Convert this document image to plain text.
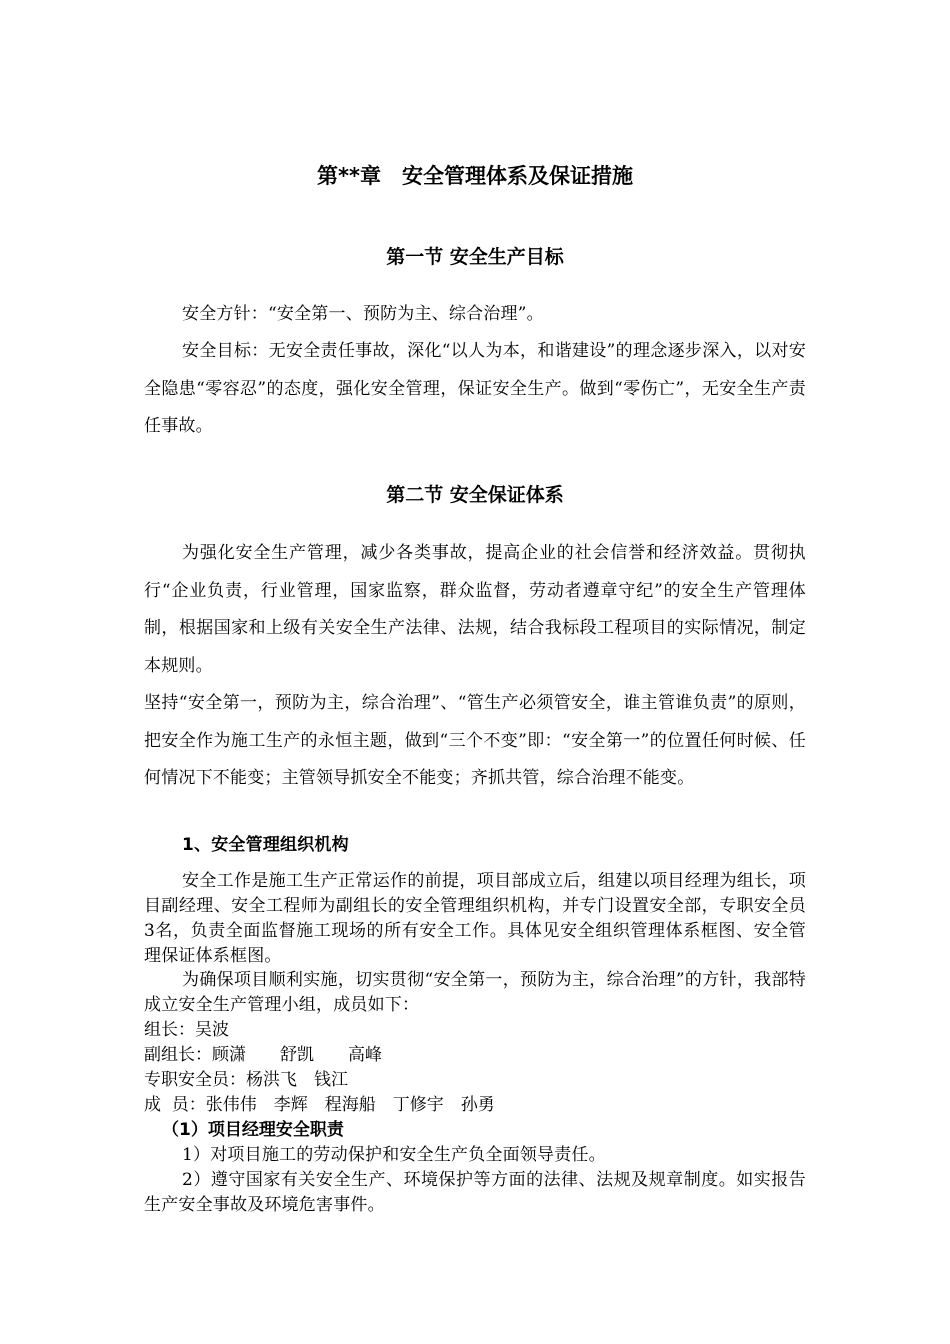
第**章　安全管理体系及保证措施
第一节 安全生产目标
安全方针：“安全第一、预防为主、综合治理”。
安全目标：无安全责任事故，深化“以人为本，和谐建设”的理念逐步深入，以对安全隐患“零容忍”的态度，强化安全管理，保证安全生产。做到“零伤亡”，无安全生产责任事故。
第二节 安全保证体系
为强化安全生产管理，减少各类事故，提高企业的社会信誉和经济效益。贯彻执行“企业负责，行业管理，国家监察，群众监督，劳动者遵章守纪”的安全生产管理体制，根据国家和上级有关安全生产法律、法规，结合我标段工程项目的实际情况，制定本规则。
坚持“安全第一，预防为主，综合治理”、“管生产必须管安全，谁主管谁负责”的原则，把安全作为施工生产的永恒主题，做到“三个不变”即：“安全第一”的位置任何时候、任何情况下不能变；主管领导抓安全不能变；齐抓共管，综合治理不能变。
1、安全管理组织机构
安全工作是施工生产正常运作的前提，项目部成立后，组建以项目经理为组长，项目副经理、安全工程师为副组长的安全管理组织机构，并专门设置安全部，专职安全员3名，负责全面监督施工现场的所有安全工作。具体见安全组织管理体系框图、安全管理保证体系框图。
为确保项目顺利实施，切实贯彻“安全第一，预防为主，综合治理”的方针，我部特成立安全生产管理小组，成员如下：
组长：吴波
副组长：顾潇　　舒凯　　高峰
专职安全员：杨洪飞　钱江
成  员：张伟伟　李辉　程海船　丁修宇　孙勇
（1）项目经理安全职责
1）对项目施工的劳动保护和安全生产负全面领导责任。
2）遵守国家有关安全生产、环境保护等方面的法律、法规及规章制度。如实报告生产安全事故及环境危害事件。
